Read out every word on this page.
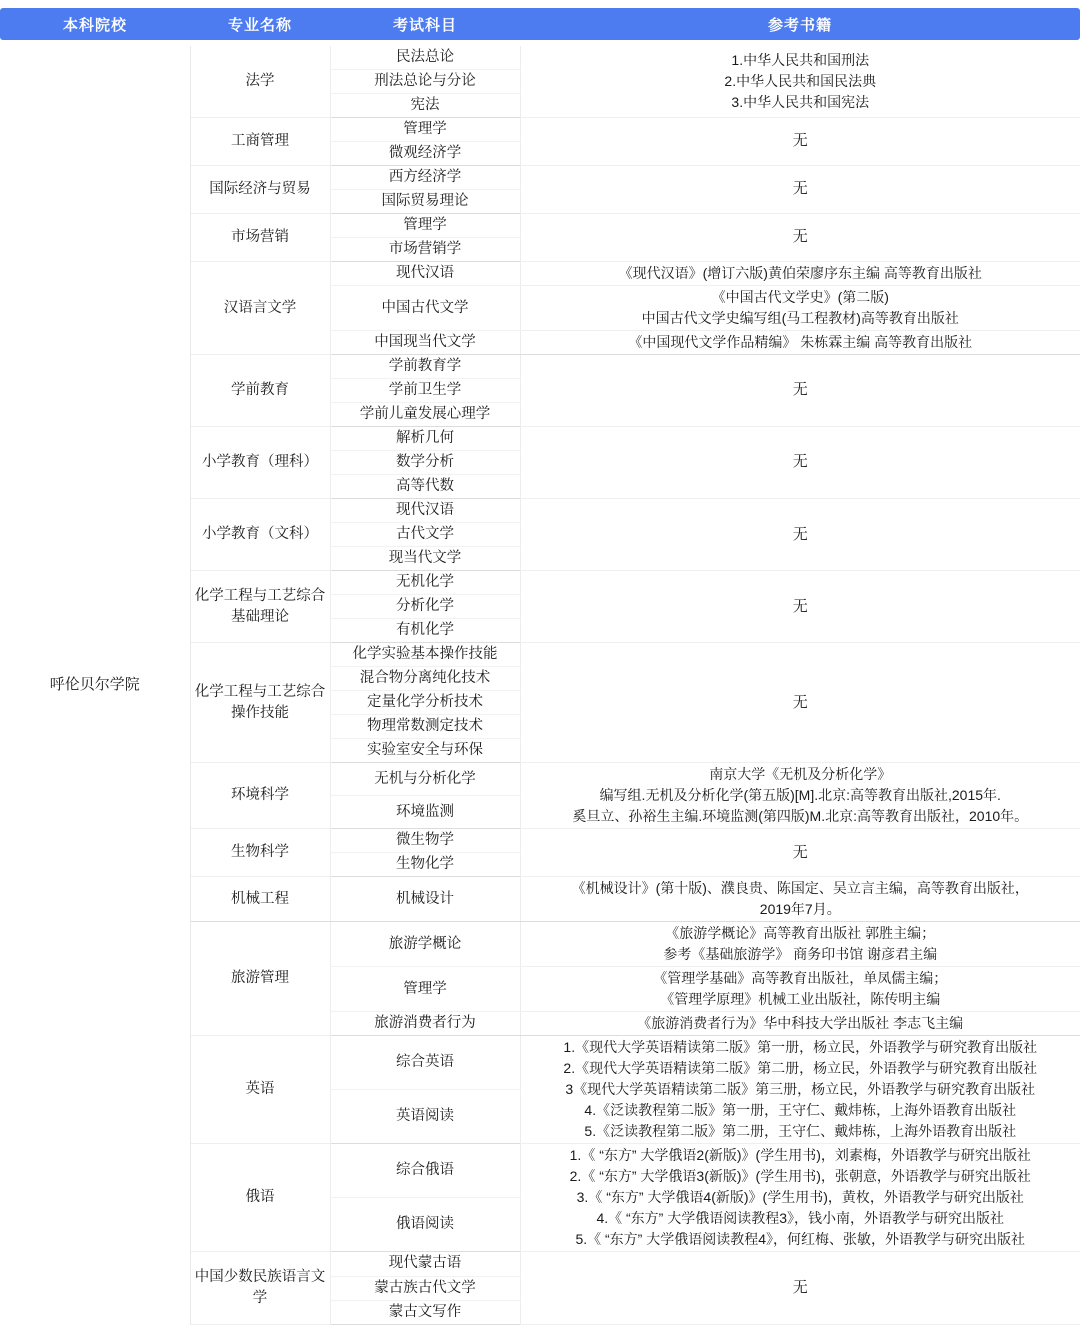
本科院校	专业名称	考试科目	参考书籍

呼伦贝尔学院	法学	民法总论	1.中华人民共和国刑法
2.中华人民共和国民法典
3.中华人民共和国宪法

		刑法总论与分论	
		宪法	
	工商管理	管理学	无

		微观经济学	
	国际经济与贸易	西方经济学	无

		国际贸易理论	
	市场营销	管理学	无

		市场营销学	
	汉语言文学	现代汉语	《现代汉语》(增订六版)黄伯荣廖序东主编 高等教育出版社

		中国古代文学	《中国古代文学史》(第二版)
中国古代文学史编写组(马工程教材)高等教育出版社

		中国现当代文学	《中国现代文学作品精编》 朱栋霖主编 高等教育出版社

	学前教育	学前教育学	无

		学前卫生学	
		学前儿童发展心理学	
	小学教育（理科）	解析几何	无

		数学分析	
		高等代数	
	小学教育（文科）	现代汉语	无

		古代文学	
		现当代文学	
	化学工程与工艺综合基础理论	无机化学	无

		分析化学	
		有机化学	
	化学工程与工艺综合操作技能	化学实验基本操作技能	无

		混合物分离纯化技术	
		定量化学分析技术	
		物理常数测定技术	
		实验室安全与环保	
	环境科学	无机与分析化学	南京大学《无机及分析化学》
编写组.无机及分析化学(第五版)[M].北京:高等教育出版社,2015年.
奚旦立、孙裕生主编.环境监测(第四版)M.北京:高等教育出版社，2010年。

		环境监测	
	生物科学	微生物学	无

		生物化学	
	机械工程	机械设计	《机械设计》(第十版)、濮良贵、陈国定、吴立言主编，高等教育出版社，
2019年7月。

	旅游管理	旅游学概论	《旅游学概论》高等教育出版社 郭胜主编；
参考《基础旅游学》 商务印书馆 谢彦君主编

		管理学	《管理学基础》高等教育出版社，单凤儒主编；
《管理学原理》机械工业出版社，陈传明主编

		旅游消费者行为	《旅游消费者行为》华中科技大学出版社 李志飞主编

	英语	综合英语	1.《现代大学英语精读第二版》第一册，杨立民，外语教学与研究教育出版社
2.《现代大学英语精读第二版》第二册，杨立民，外语教学与研究教育出版社
3《现代大学英语精读第二版》第三册，杨立民，外语教学与研究教育出版社
4.《泛读教程第二版》第一册，王守仁、戴炜栋，上海外语教育出版社
5.《泛读教程第二版》第二册，王守仁、戴炜栋，上海外语教育出版社

		英语阅读	
	俄语	综合俄语	1.《 “东方” 大学俄语2(新版)》(学生用书)，刘素梅，外语教学与研究出版社
2.《 “东方” 大学俄语3(新版)》(学生用书)，张朝意，外语教学与研究出版社
3.《 “东方” 大学俄语4(新版)》(学生用书)，黄枚，外语教学与研究出版社
4.《 “东方” 大学俄语阅读教程3》，钱小南，外语教学与研究出版社
5.《 “东方” 大学俄语阅读教程4》，何红梅、张敏，外语教学与研究出版社

		俄语阅读	
	中国少数民族语言文学	现代蒙古语	无

		蒙古族古代文学	
		蒙古文写作	
